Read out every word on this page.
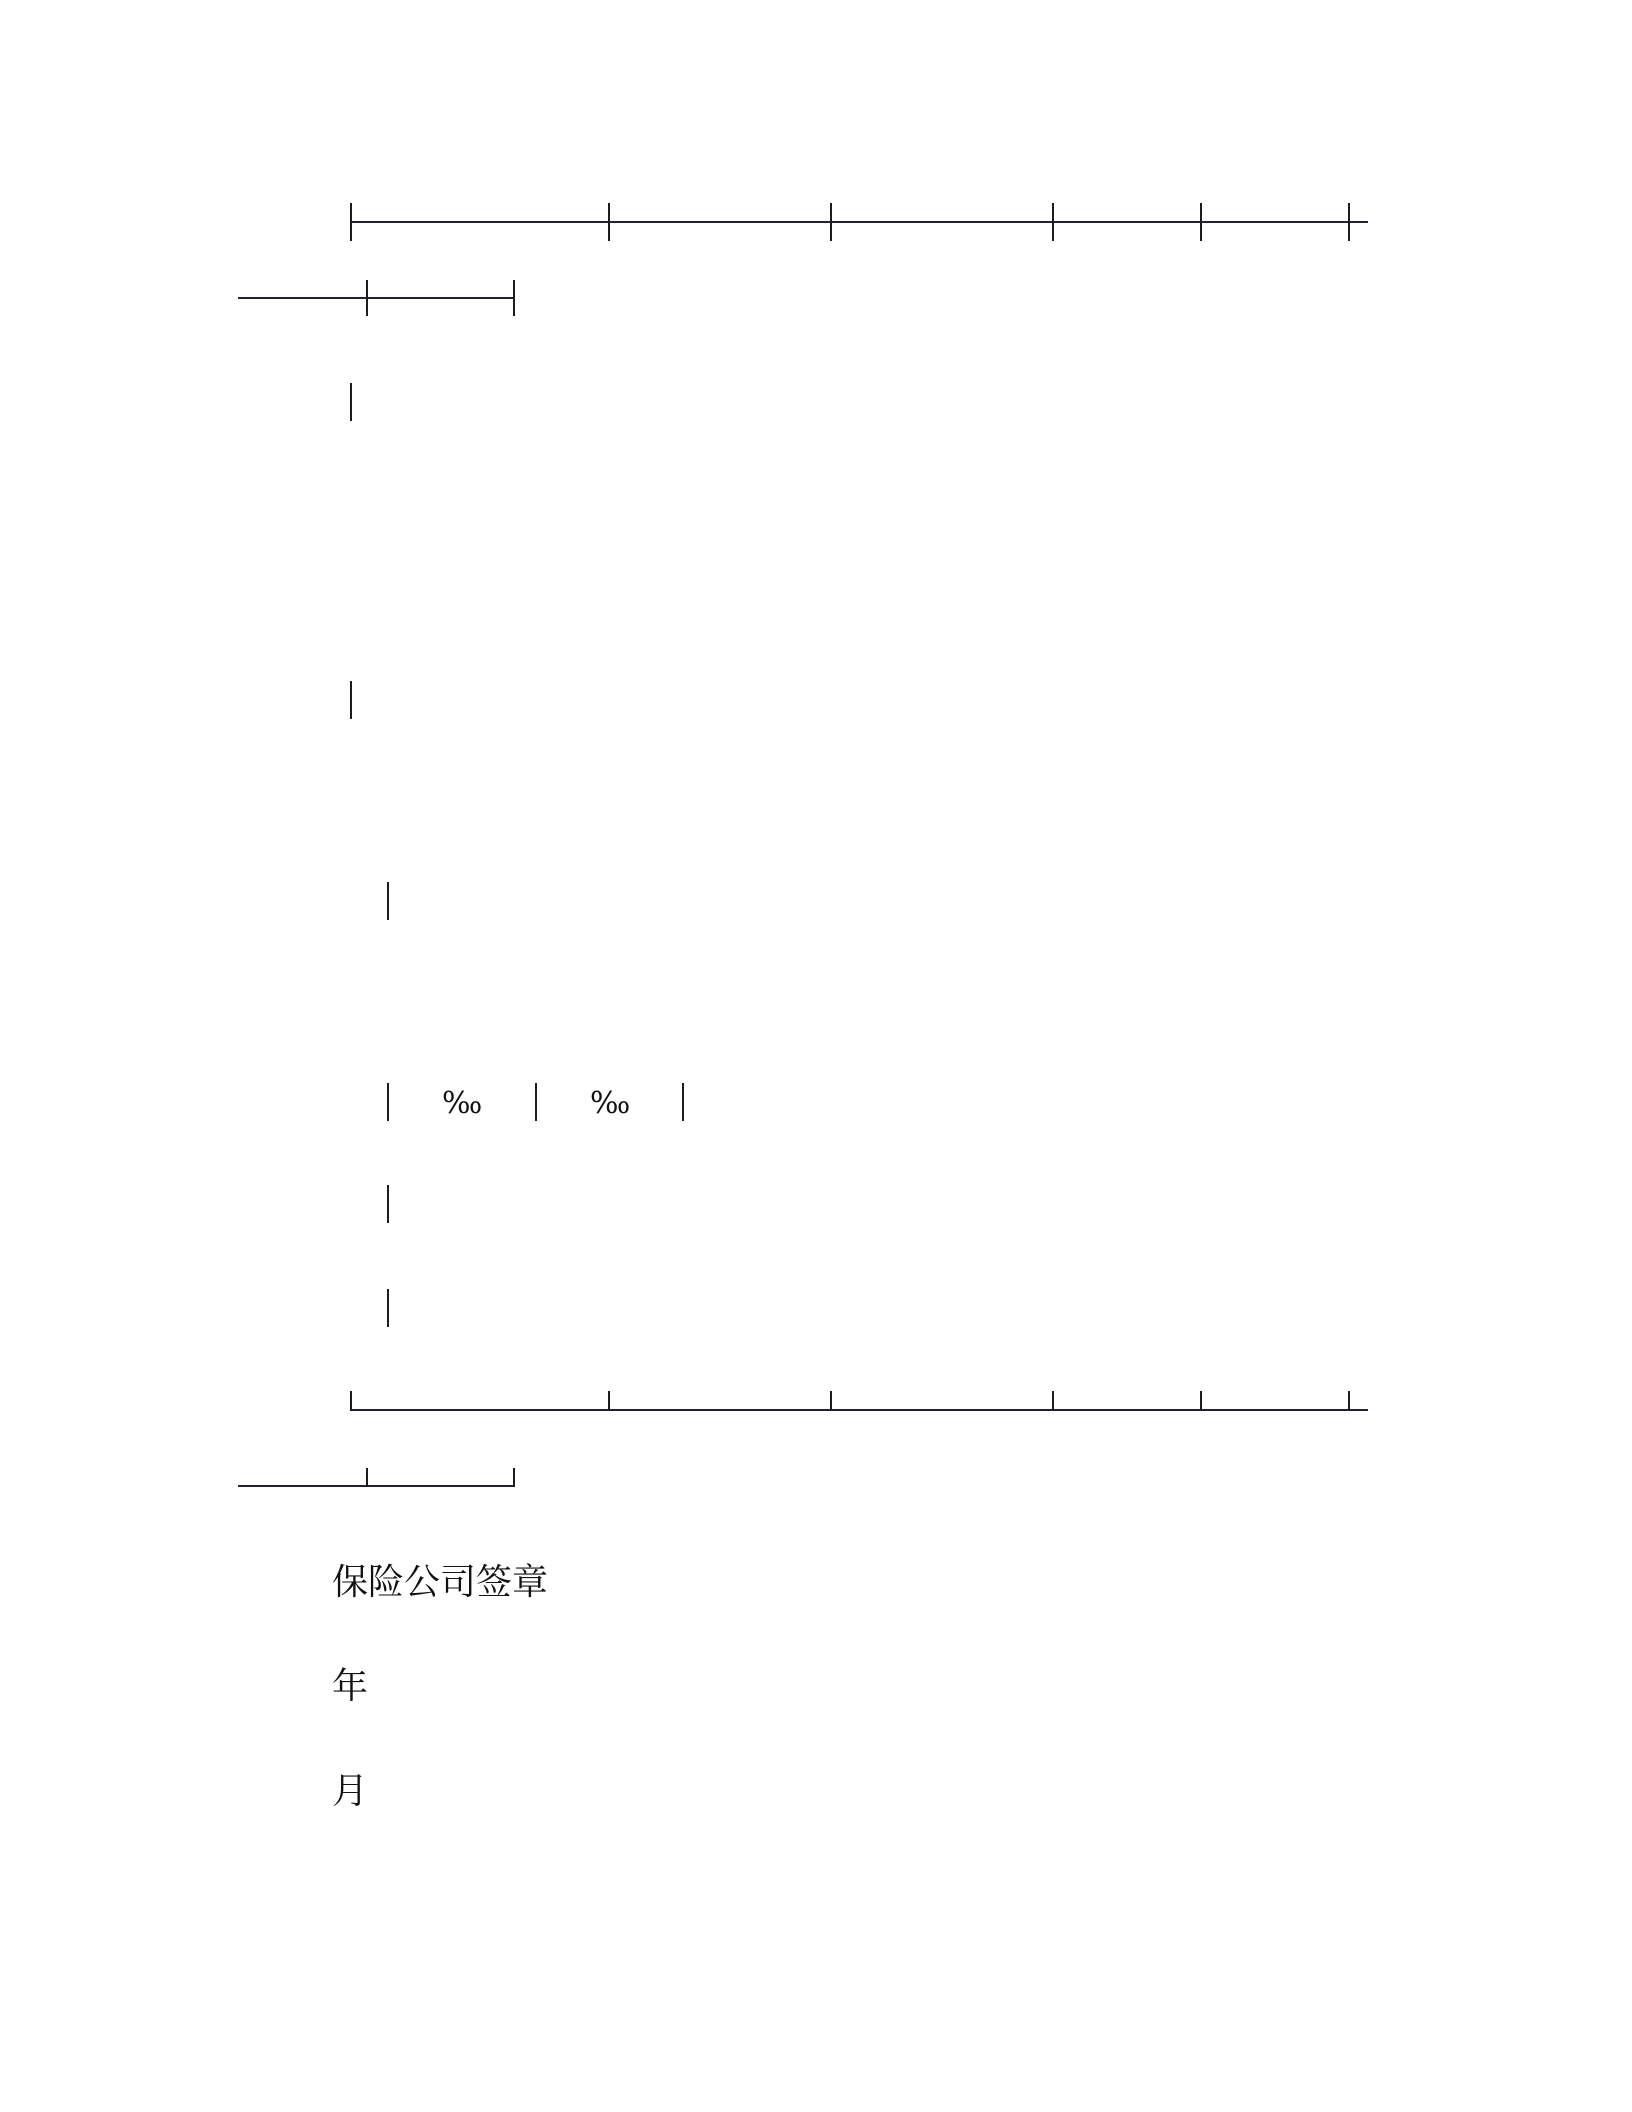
‰	‰
保险公司签章
年
月
